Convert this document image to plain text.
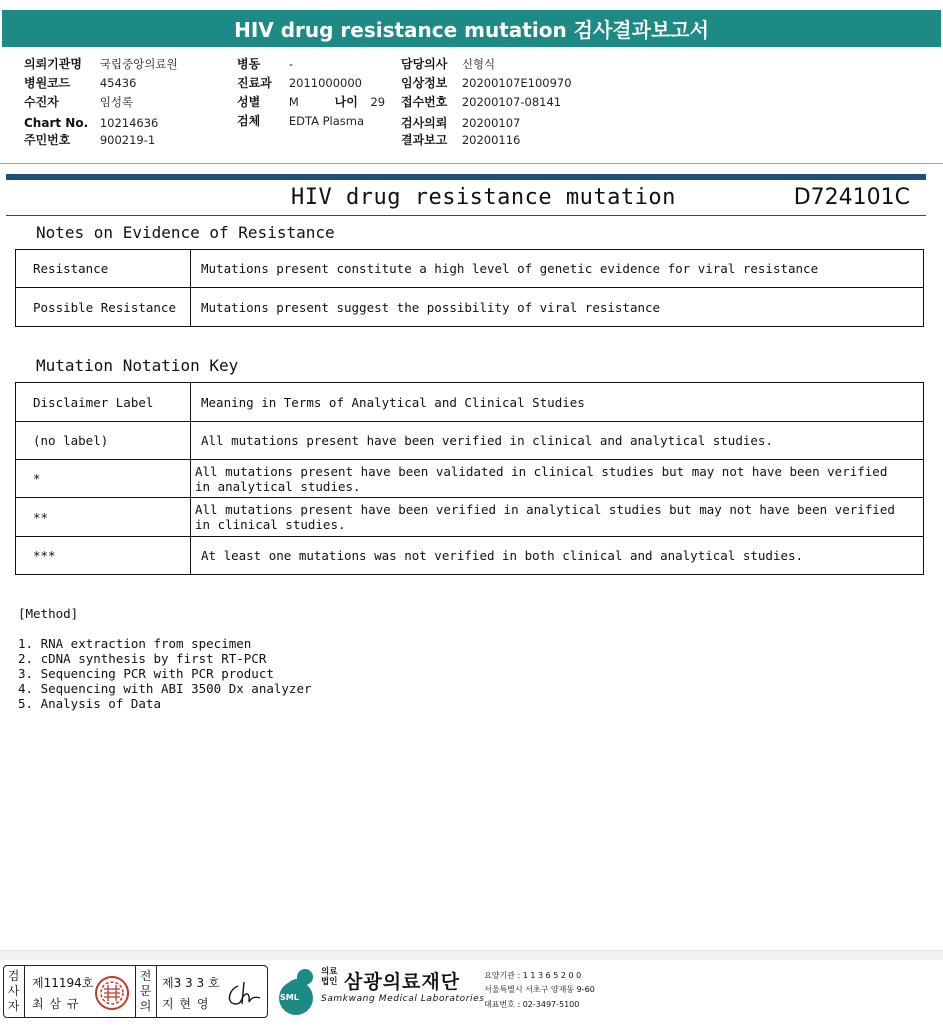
HIV drug resistance mutation 검사결과보고서
의뢰기관명 국립중앙의료원
병원코드	45436
수진자	임성록
Chart No. 10214636
주민번호	900219-1
병동 -
진료과 2011000000
성별 M	나이 29
검체 EDTA Plasma
담당의사 신형식
임상정보 20200107E100970
접수번호 20200107-08141
검사의뢰 20200107
결과보고 20200116
HIV drug resistance mutation	D724101C
Notes on Evidence of Resistance
Resistance	Mutations present constitute a high level of genetic evidence for viral resistance
Possible Resistance	Mutations present suggest the possibility of viral resistance
Mutation Notation Key
Disclaimer Label	Meaning in Terms of Analytical and Clinical Studies
(no label)	All mutations present have been verified in clinical and analytical studies.
*	All mutations present have been validated in clinical studies but may not have been verified in analytical studies.
**	All mutations present have been verified in analytical studies but may not have been verified in clinical studies.
***	At least one mutations was not verified in both clinical and analytical studies.
[Method]
1. RNA extraction from specimen
2. cDNA synthesis by first RT-PCR
3. Sequencing PCR with PCR product
4. Sequencing with ABI 3500 Dx analyzer
5. Analysis of Data
검사자
제11194호
최 삼 규
전문의
제3 3 3 호
지 현 영	SML
의료
법인 삼광의료재단
Samkwang Medical Laboratories
요양기관 : 1 1 3 6 5 2 0 0
서울특별시 서초구 양재동 9-60
대표번호 : 02-3497-5100
